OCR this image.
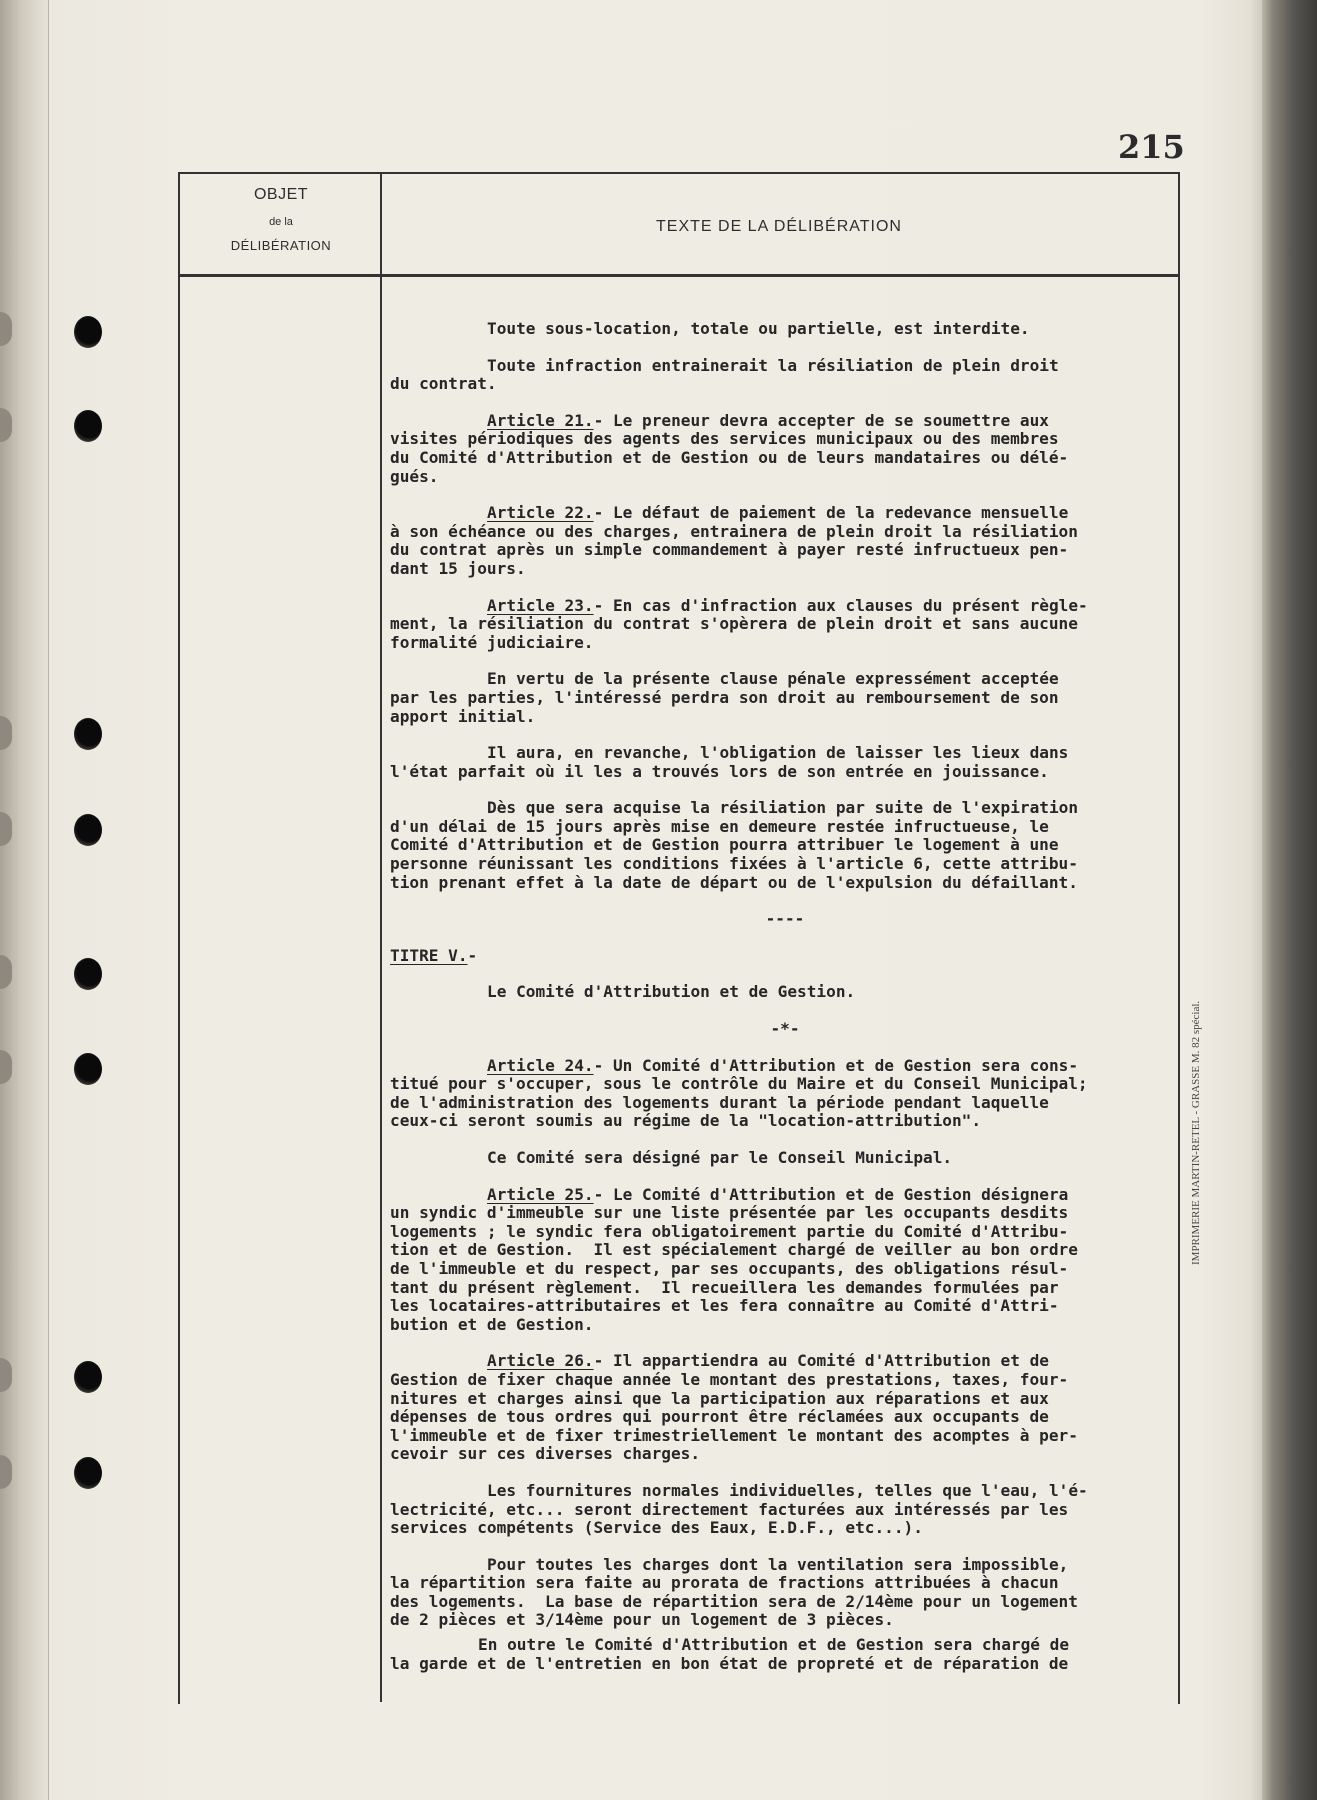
215
OBJET
de la
DÉLIBÉRATION
TEXTE DE LA DÉLIBÉRATION
IMPRIMERIE MARTIN-RETEL - GRASSE M. 82 spécial.

Toute sous-location, totale ou partielle, est interdite.

Toute infraction entrainerait la résiliation de plein droit
du contrat.

Article 21.- Le preneur devra accepter de se soumettre aux
visites périodiques des agents des services municipaux ou des membres
du Comité d'Attribution et de Gestion ou de leurs mandataires ou délé-
gués.

Article 22.- Le défaut de paiement de la redevance mensuelle
à son échéance ou des charges, entrainera de plein droit la résiliation
du contrat après un simple commandement à payer resté infructueux pen-
dant 15 jours.

Article 23.- En cas d'infraction aux clauses du présent règle-
ment, la résiliation du contrat s'opèrera de plein droit et sans aucune
formalité judiciaire.

En vertu de la présente clause pénale expressément acceptée
par les parties, l'intéressé perdra son droit au remboursement de son
apport initial.

Il aura, en revanche, l'obligation de laisser les lieux dans
l'état parfait où il les a trouvés lors de son entrée en jouissance.

Dès que sera acquise la résiliation par suite de l'expiration
d'un délai de 15 jours après mise en demeure restée infructueuse, le
Comité d'Attribution et de Gestion pourra attribuer le logement à une
personne réunissant les conditions fixées à l'article 6, cette attribu-
tion prenant effet à la date de départ ou de l'expulsion du défaillant.

----

TITRE V.-

Le Comité d'Attribution et de Gestion.

-*-

Article 24.- Un Comité d'Attribution et de Gestion sera cons-
titué pour s'occuper, sous le contrôle du Maire et du Conseil Municipal;
de l'administration des logements durant la période pendant laquelle
ceux-ci seront soumis au régime de la "location-attribution".

Ce Comité sera désigné par le Conseil Municipal.

Article 25.- Le Comité d'Attribution et de Gestion désignera
un syndic d'immeuble sur une liste présentée par les occupants desdits
logements ; le syndic fera obligatoirement partie du Comité d'Attribu-
tion et de Gestion.  Il est spécialement chargé de veiller au bon ordre
de l'immeuble et du respect, par ses occupants, des obligations résul-
tant du présent règlement.  Il recueillera les demandes formulées par
les locataires-attributaires et les fera connaître au Comité d'Attri-
bution et de Gestion.

Article 26.- Il appartiendra au Comité d'Attribution et de
Gestion de fixer chaque année le montant des prestations, taxes, four-
nitures et charges ainsi que la participation aux réparations et aux
dépenses de tous ordres qui pourront être réclamées aux occupants de
l'immeuble et de fixer trimestriellement le montant des acomptes à per-
cevoir sur ces diverses charges.

Les fournitures normales individuelles, telles que l'eau, l'é-
lectricité, etc... seront directement facturées aux intéressés par les
services compétents (Service des Eaux, E.D.F., etc...).

Pour toutes les charges dont la ventilation sera impossible,
la répartition sera faite au prorata de fractions attribuées à chacun
des logements.  La base de répartition sera de 2/14ème pour un logement
de 2 pièces et 3/14ème pour un logement de 3 pièces.

En outre le Comité d'Attribution et de Gestion sera chargé de
la garde et de l'entretien en bon état de propreté et de réparation de
